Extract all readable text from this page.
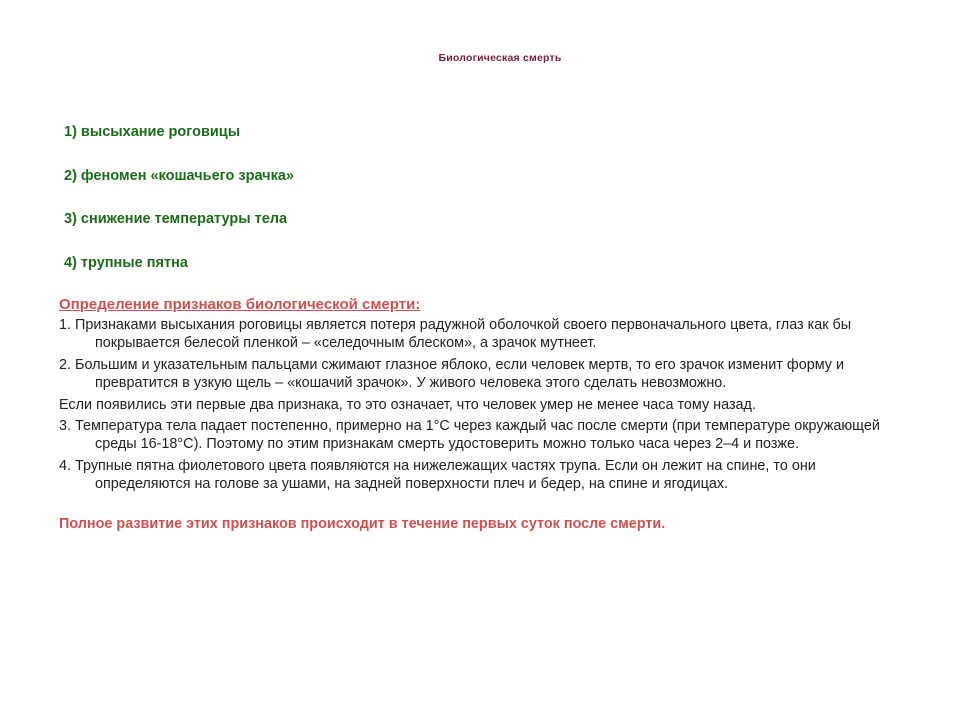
Биологическая смерть
1) высыхание роговицы
2) феномен «кошачьего зрачка»
3) снижение температуры тела
4) трупные пятна
Определение признаков биологической смерти:

1. Признаками высыхания роговицы является потеря радужной оболочкой своего первоначального цвета, глаз как бы покрывается белесой пленкой – «селедочным блеском», а зрачок мутнеет.

2. Большим и указательным пальцами сжимают глазное яблоко, если человек мертв, то его зрачок изменит форму и превратится в узкую щель – «кошачий зрачок». У живого человека этого сделать невозможно.

Если появились эти первые два признака, то это означает, что человек умер не менее часа тому назад.

3. Температура тела падает постепенно, примерно на 1°С через каждый час после смерти (при температуре окружающей среды 16-18°С). Поэтому по этим признакам смерть удостоверить можно только часа через 2–4 и позже.

4. Трупные пятна фиолетового цвета появляются на нижележащих частях трупа. Если он лежит на спине, то они определяются на голове за ушами, на задней поверхности плеч и бедер, на спине и ягодицах.

Полное развитие этих признаков происходит в течение первых суток после смерти.
